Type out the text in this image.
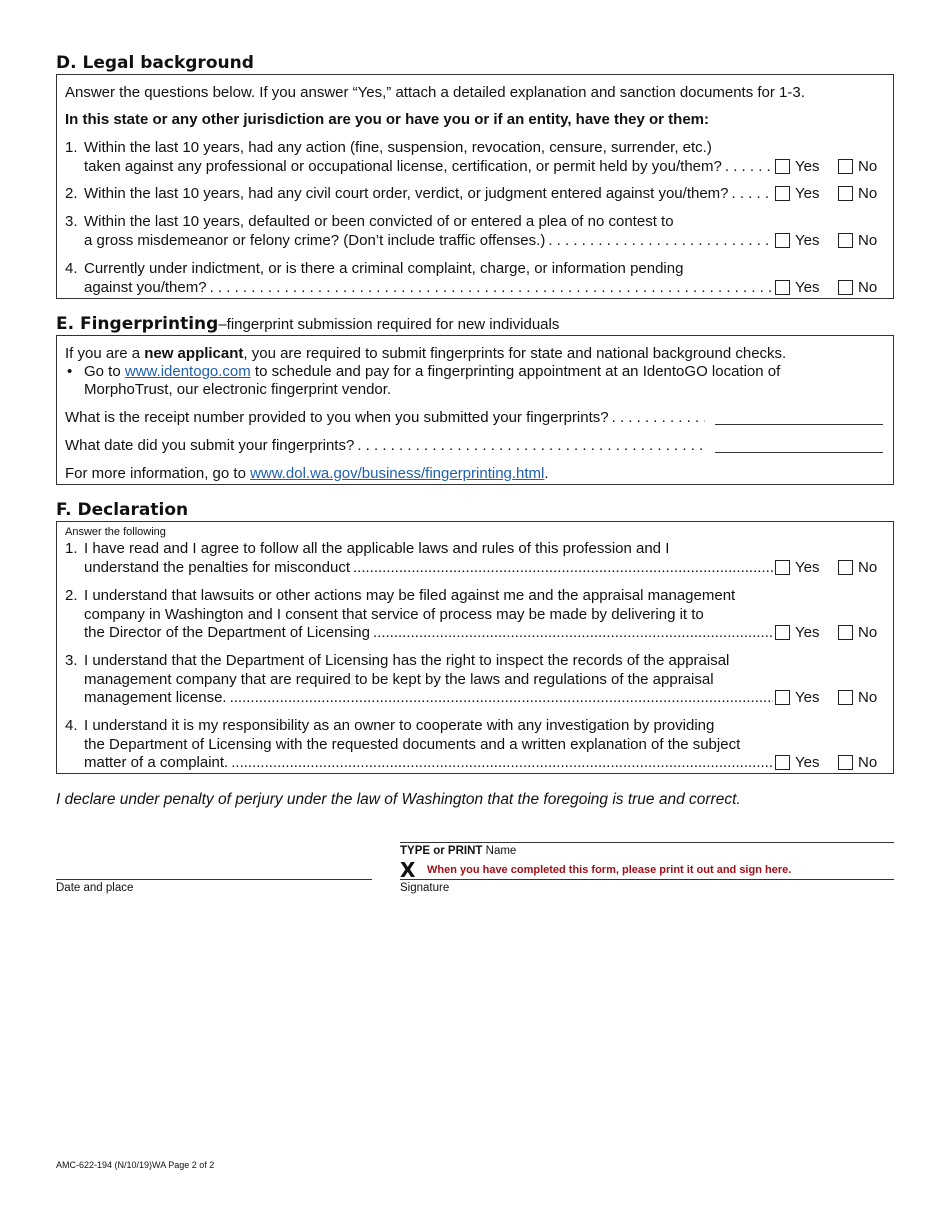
D. Legal background
Answer the questions below. If you answer “Yes,” attach a detailed explanation and sanction documents for 1-3.
In this state or any other jurisdiction are you or have you or if an entity, have they or them:
1. Within the last 10 years, had any action (fine, suspension, revocation, censure, surrender, etc.)
taken against any professional or occupational license, certification, or permit held by you/them? . . .	Yes	No
2. Within the last 10 years, had any civil court order, verdict, or judgment entered against you/them? . . .	Yes	No
3. Within the last 10 years, defaulted or been convicted of or entered a plea of no contest to
a gross misdemeanor or felony crime? (Don’t include traffic offenses.) . . .	Yes	No
4. Currently under indictment, or is there a criminal complaint, charge, or information pending
against you/them? . . .	Yes	No
E. Fingerprinting–fingerprint submission required for new individuals
If you are a new applicant, you are required to submit fingerprints for state and national background checks.
• Go to www.identogo.com to schedule and pay for a fingerprinting appointment at an IdentoGO location of
MorphoTrust, our electronic fingerprint vendor.
What is the receipt number provided to you when you submitted your fingerprints?
. . .
What date did you submit your fingerprints?
. . .
For more information, go to www.dol.wa.gov/business/fingerprinting.html.
F. Declaration
Answer the following
1. I have read and I agree to follow all the applicable laws and rules of this profession and I
understand the penalties for misconduct .....	Yes	No
2. I understand that lawsuits or other actions may be filed against me and the appraisal management
company in Washington and I consent that service of process may be made by delivering it to
the Director of the Department of Licensing .....	Yes	No
3. I understand that the Department of Licensing has the right to inspect the records of the appraisal
management company that are required to be kept by the laws and regulations of the appraisal
management license. .....	Yes	No
4. I understand it is my responsibility as an owner to cooperate with any investigation by providing
the Department of Licensing with the requested documents and a written explanation of the subject
matter of a complaint. .....	Yes	No
I declare under penalty of perjury under the law of Washington that the foregoing is true and correct.
TYPE or PRINT Name
X When you have completed this form, please print it out and sign here.
Signature
Date and place
AMC-622-194 (N/10/19)WA Page 2 of 2
